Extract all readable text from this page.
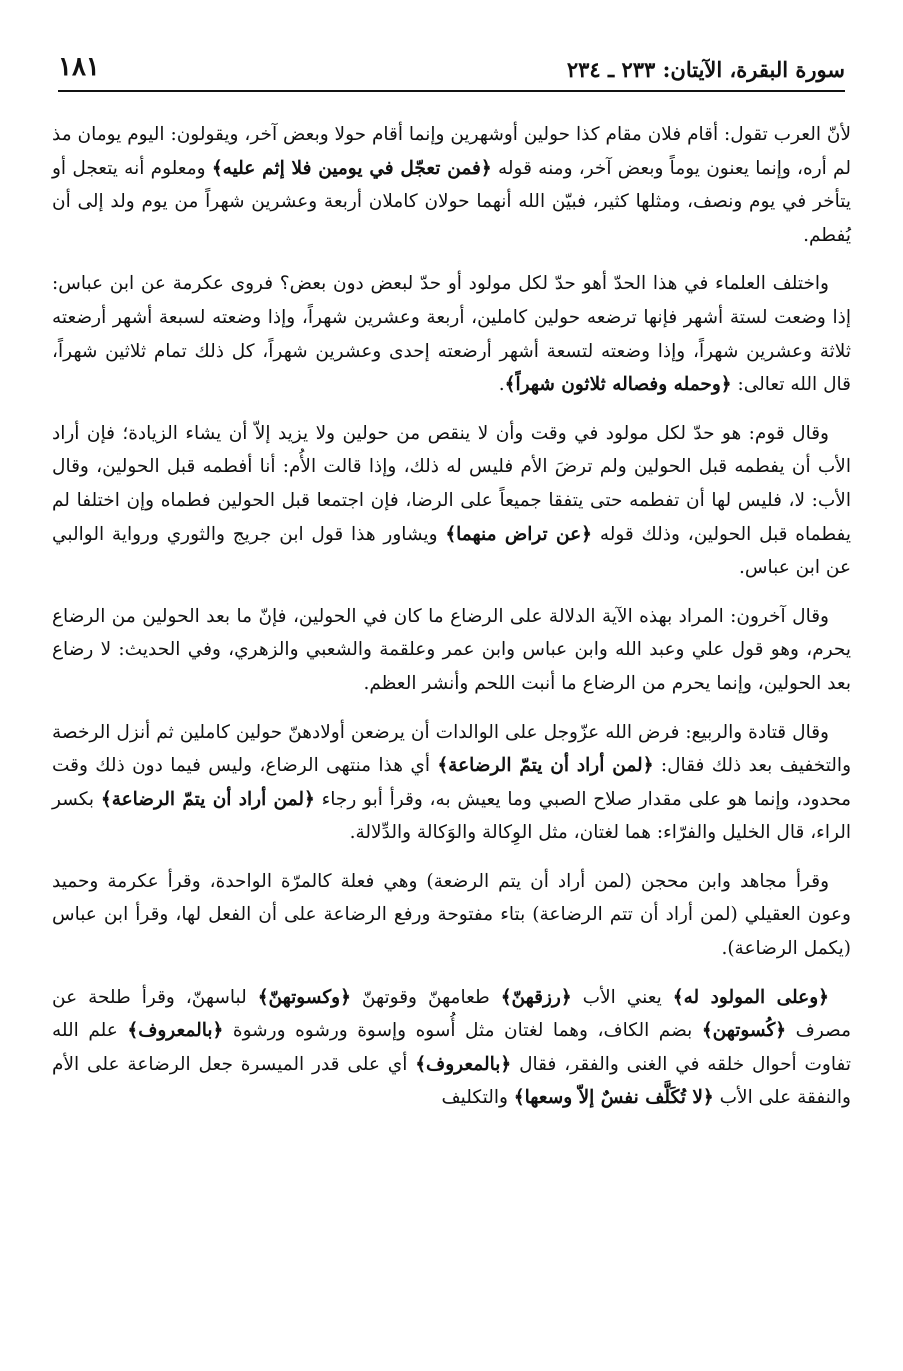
سورة البقرة، الآيتان: ٢٣٣ ـ ٢٣٤
١٨١

لأنّ العرب تقول: أقام فلان مقام كذا حولين أوشهرين وإنما أقام حولا وبعض آخر، ويقولون: اليوم يومان مذ لم أره، وإنما يعنون يوماً وبعض آخر، ومنه قوله ﴿فمن تعجّل في يومين فلا إثم عليه﴾ ومعلوم أنه يتعجل أو يتأخر في يوم ونصف، ومثلها كثير، فبيّن الله أنهما حولان كاملان أربعة وعشرين شهراً من يوم ولد إلى أن يُفطم.

واختلف العلماء في هذا الحدّ أهو حدّ لكل مولود أو حدّ لبعض دون بعض؟ فروى عكرمة عن ابن عباس: إذا وضعت لستة أشهر فإنها ترضعه حولين كاملين، أربعة وعشرين شهراً، وإذا وضعته لسبعة أشهر أرضعته ثلاثة وعشرين شهراً، وإذا وضعته لتسعة أشهر أرضعته إحدى وعشرين شهراً، كل ذلك تمام ثلاثين شهراً، قال الله تعالى: ﴿وحمله وفصاله ثلاثون شهراً﴾.

وقال قوم: هو حدّ لكل مولود في وقت وأن لا ينقص من حولين ولا يزيد إلاّ أن يشاء الزيادة؛ فإن أراد الأب أن يفطمه قبل الحولين ولم ترضَ الأم فليس له ذلك، وإذا قالت الأُم: أنا أفطمه قبل الحولين، وقال الأب: لا، فليس لها أن تفطمه حتى يتفقا جميعاً على الرضا، فإن اجتمعا قبل الحولين فطماه وإن اختلفا لم يفطماه قبل الحولين، وذلك قوله ﴿عن تراض منهما﴾ ويشاور هذا قول ابن جريج والثوري ورواية الوالبي عن ابن عباس.

وقال آخرون: المراد بهذه الآية الدلالة على الرضاع ما كان في الحولين، فإنّ ما بعد الحولين من الرضاع يحرم، وهو قول علي وعبد الله وابن عباس وابن عمر وعلقمة والشعبي والزهري، وفي الحديث: لا رضاع بعد الحولين، وإنما يحرم من الرضاع ما أنبت اللحم وأنشر العظم.

وقال قتادة والربيع: فرض الله عزّوجل على الوالدات أن يرضعن أولادهنّ حولين كاملين ثم أنزل الرخصة والتخفيف بعد ذلك فقال: ﴿لمن أراد أن يتمّ الرضاعة﴾ أي هذا منتهى الرضاع، وليس فيما دون ذلك وقت محدود، وإنما هو على مقدار صلاح الصبي وما يعيش به، وقرأ أبو رجاء ﴿لمن أراد أن يتمّ الرضاعة﴾ بكسر الراء، قال الخليل والفرّاء: هما لغتان، مثل الوِكالة والوَكالة والدِّلالة.

وقرأ مجاهد وابن محجن (لمن أراد أن يتم الرضعة) وهي فعلة كالمرّة الواحدة، وقرأ عكرمة وحميد وعون العقيلي (لمن أراد أن تتم الرضاعة) بتاء مفتوحة ورفع الرضاعة على أن الفعل لها، وقرأ ابن عباس (يكمل الرضاعة).

﴿وعلى المولود له﴾ يعني الأب ﴿رزقهنّ﴾ طعامهنّ وقوتهنّ ﴿وكسوتهنّ﴾ لباسهنّ، وقرأ طلحة عن مصرف ﴿كُسوتهن﴾ بضم الكاف، وهما لغتان مثل أُسوه وإسوة ورشوه ورشوة ﴿بالمعروف﴾ علم الله تفاوت أحوال خلقه في الغنى والفقر، فقال ﴿بالمعروف﴾ أي على قدر الميسرة جعل الرضاعة على الأم والنفقة على الأب ﴿لا تُكَلَّف نفسٌ إلاّ وسعها﴾ والتكليف
